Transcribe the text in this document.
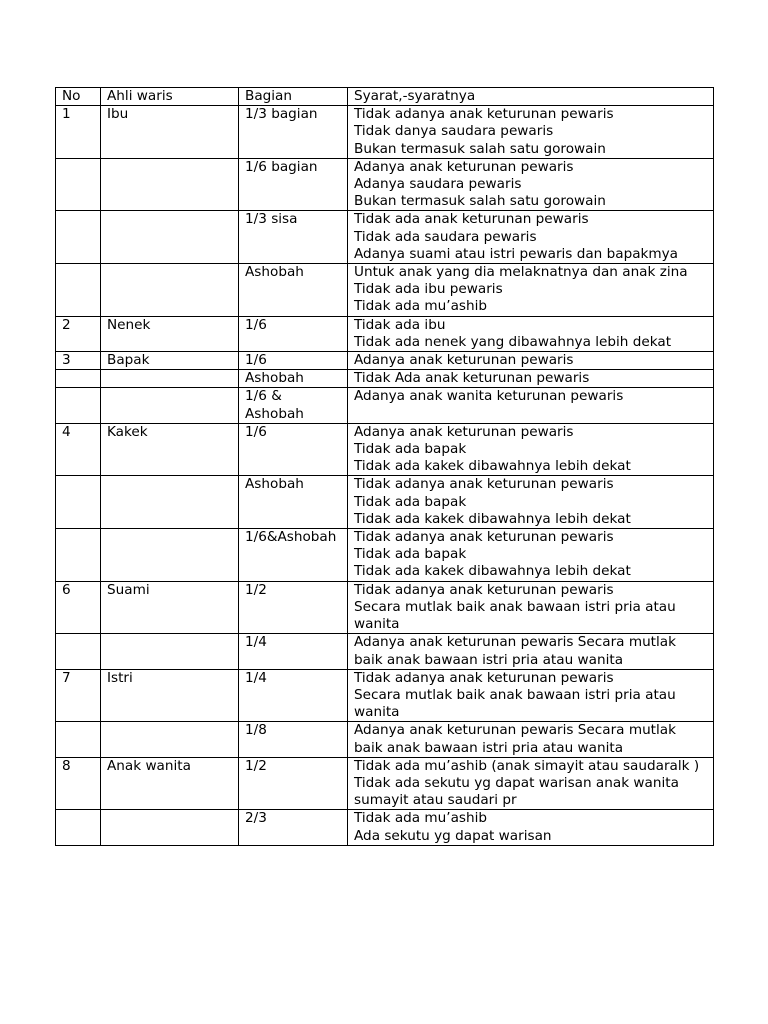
No	Ahli waris	Bagian	Syarat,-syaratnya
1	Ibu	1/3 bagian	Tidak adanya anak keturunan pewaris
Tidak danya saudara pewaris
Bukan termasuk salah satu gorowain

		1/6 bagian	Adanya anak keturunan pewaris
Adanya saudara pewaris
Bukan termasuk salah satu gorowain

		1/3 sisa	Tidak ada anak keturunan pewaris
Tidak ada saudara pewaris
Adanya suami atau istri pewaris dan bapakmya

		Ashobah	Untuk anak yang dia melaknatnya dan anak zina
Tidak ada ibu pewaris
Tidak ada mu’ashib

2	Nenek	1/6	Tidak ada ibu
Tidak ada nenek yang dibawahnya lebih dekat

3	Bapak	1/6	Adanya anak keturunan pewaris

		Ashobah	Tidak Ada anak keturunan pewaris

		1/6 & Ashobah	Adanya anak wanita keturunan pewaris

4	Kakek	1/6	Adanya anak keturunan pewaris
Tidak ada bapak
Tidak ada kakek dibawahnya lebih dekat

		Ashobah	Tidak adanya anak keturunan pewaris
Tidak ada bapak
Tidak ada kakek dibawahnya lebih dekat

		1/6&Ashobah	Tidak adanya anak keturunan pewaris
Tidak ada bapak
Tidak ada kakek dibawahnya lebih dekat

6	Suami	1/2	Tidak adanya anak keturunan pewaris
Secara mutlak baik anak bawaan istri pria atau wanita

		1/4	Adanya anak keturunan pewaris Secara mutlak baik anak bawaan istri pria atau wanita

7	Istri	1/4	Tidak adanya anak keturunan pewaris
Secara mutlak baik anak bawaan istri pria atau wanita

		1/8	Adanya anak keturunan pewaris Secara mutlak baik anak bawaan istri pria atau wanita

8	Anak wanita	1/2	Tidak ada mu’ashib (anak simayit atau saudaralk )
Tidak ada sekutu yg dapat warisan anak wanita sumayit atau saudari pr

		2/3	Tidak ada mu’ashib
Ada sekutu yg dapat warisan
